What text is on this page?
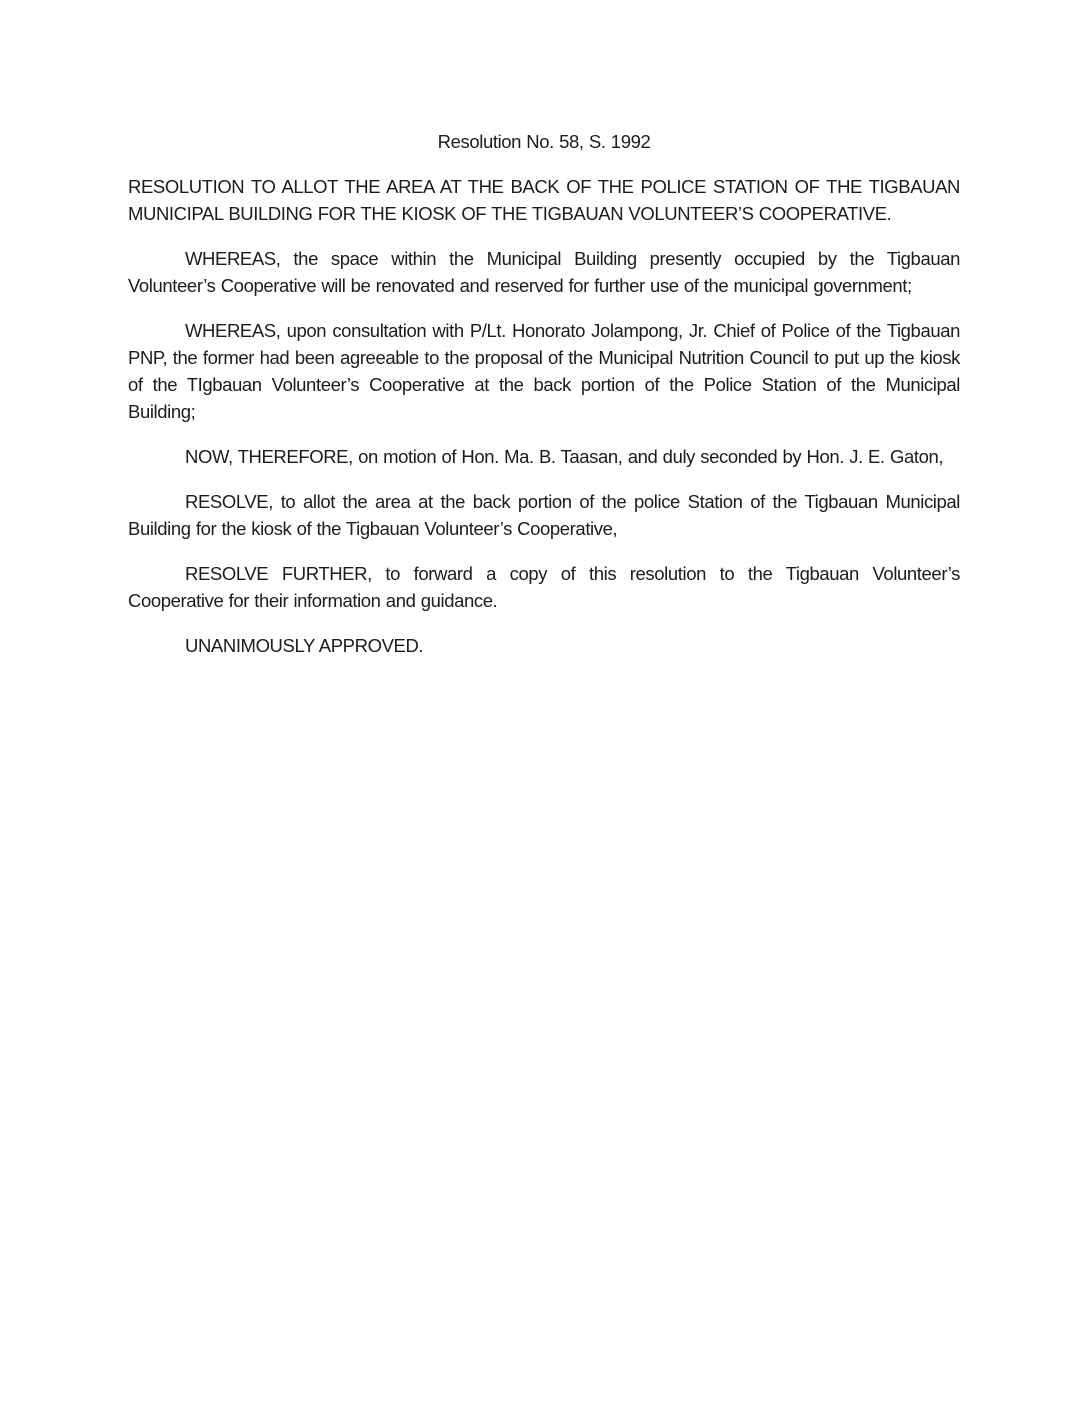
Resolution No. 58, S. 1992

RESOLUTION TO ALLOT THE AREA AT THE BACK OF THE POLICE STATION OF THE TIGBAUAN MUNICIPAL BUILDING FOR THE KIOSK OF THE TIGBAUAN VOLUNTEER’S COOPERATIVE.

WHEREAS, the space within the Municipal Building presently occupied by the Tigbauan Volunteer’s Cooperative will be renovated and reserved for further use of the municipal government;

WHEREAS, upon consultation with P/Lt. Honorato Jolampong, Jr. Chief of Police of the Tigbauan PNP, the former had been agreeable to the proposal of the Municipal Nutrition Council to put up the kiosk of the TIgbauan Volunteer’s Cooperative at the back portion of the Police Station of the Municipal Building;

NOW, THEREFORE, on motion of Hon. Ma. B. Taasan, and duly seconded by Hon. J. E. Gaton,

RESOLVE, to allot the area at the back portion of the police Station of the Tigbauan Municipal Building for the kiosk of the Tigbauan Volunteer’s Cooperative,

RESOLVE FURTHER, to forward a copy of this resolution to the Tigbauan Volunteer’s Cooperative for their information and guidance.

UNANIMOUSLY APPROVED.
